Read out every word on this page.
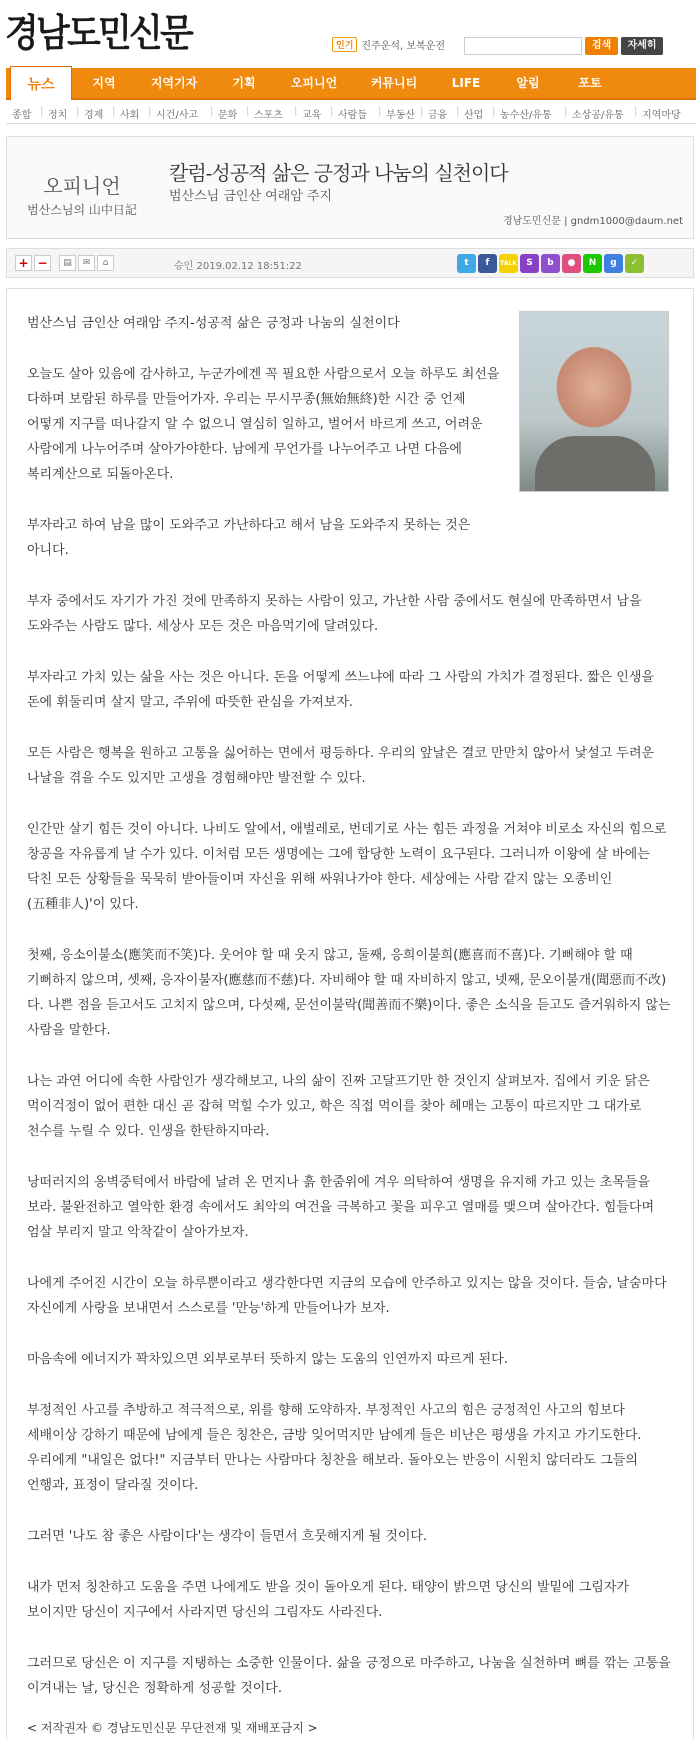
경남도민신문	인기 진주운석, 보복운전	검색	자세히
뉴스	지역	지역기자	기획	오피니언	커뮤니티	LIFE	알림	포토
종합 | 정치 | 경제 | 사회 | 시건/사고 | 문화 | 스포츠 | 교육 | 사람들 | 부동산 | 금융 | 산업 | 농수산/유통 | 소상공/유통 | 지역마당
오피니언
범산스님의 山中日記
칼럼-성공적 삶은 긍정과 나눔의 실천이다
범산스님 금인산 여래암 주지
경남도민신문 | gndm1000@daum.net
+ −	▤	✉	⌂	승인 2019.02.12 18:51:22	t	f	TALK	S	b	●	N	g	✓

범산스님 금인산 여래암 주지-성공적 삶은 긍정과 나눔의 실천이다

오늘도 살아 있음에 감사하고, 누군가에겐 꼭 필요한 사람으로서 오늘 하루도 최선을 다하며 보람된 하루를 만들어가자. 우리는 무시무종(無始無終)한 시간 중 언제 어떻게 지구를 떠나갈지 알 수 없으니 열심히 일하고, 벌어서 바르게 쓰고, 어려운 사람에게 나누어주며 살아가야한다. 남에게 무언가를 나누어주고 나면 다음에 복리계산으로 되돌아온다.

부자라고 하여 남을 많이 도와주고 가난하다고 해서 남을 도와주지 못하는 것은 아니다.

부자 중에서도 자기가 가진 것에 만족하지 못하는 사람이 있고, 가난한 사람 중에서도 현실에 만족하면서 남을 도와주는 사람도 많다. 세상사 모든 것은 마음먹기에 달려있다.

부자라고 가치 있는 삶을 사는 것은 아니다. 돈을 어떻게 쓰느냐에 따라 그 사람의 가치가 결정된다. 짧은 인생을 돈에 휘둘리며 살지 말고, 주위에 따뜻한 관심을 가져보자.

모든 사람은 행복을 원하고 고통을 싫어하는 면에서 평등하다. 우리의 앞날은 결코 만만치 않아서 낯설고 두려운 나날을 겪을 수도 있지만 고생을 경험해야만 발전할 수 있다.

인간만 살기 힘든 것이 아니다. 나비도 알에서, 애벌레로, 번데기로 사는 힘든 과정을 거쳐야 비로소 자신의 힘으로 창공을 자유롭게 날 수가 있다. 이처럼 모든 생명에는 그에 합당한 노력이 요구된다. 그러니까 이왕에 살 바에는 닥친 모든 상황들을 묵묵히 받아들이며 자신을 위해 싸워나가야 한다. 세상에는 사람 같지 않는 오종비인(五種非人)'이 있다.

첫째, 응소이불소(應笑而不笑)다. 웃어야 할 때 웃지 않고, 둘째, 응희이불희(應喜而不喜)다. 기뻐해야 할 때 기뻐하지 않으며, 셋째, 응자이불자(應慈而不慈)다. 자비해야 할 때 자비하지 않고, 넷째, 문오이불개(聞惡而不改)다. 나쁜 점을 듣고서도 고치지 않으며, 다섯째, 문선이불락(聞善而不樂)이다. 좋은 소식을 듣고도 즐거워하지 않는 사람을 말한다.

나는 과연 어디에 속한 사람인가 생각해보고, 나의 삶이 진짜 고달프기만 한 것인지 살펴보자. 집에서 키운 닭은 먹이걱정이 없어 편한 대신 곧 잡혀 먹힐 수가 있고, 학은 직접 먹이를 찾아 헤매는 고통이 따르지만 그 대가로 천수를 누릴 수 있다. 인생을 한탄하지마라.

낭떠러지의 옹벽중턱에서 바람에 날려 온 먼지나 흙 한줌위에 겨우 의탁하여 생명을 유지해 가고 있는 초목들을 보라. 불완전하고 열악한 환경 속에서도 최악의 여건을 극복하고 꽃을 피우고 열매를 맺으며 살아간다. 힘들다며 엄살 부리지 말고 악착같이 살아가보자.

나에게 주어진 시간이 오늘 하루뿐이라고 생각한다면 지금의 모습에 안주하고 있지는 않을 것이다. 들숨, 날숨마다 자신에게 사랑을 보내면서 스스로를 '만능'하게 만들어나가 보자.

마음속에 에너지가 꽉차있으면 외부로부터 뜻하지 않는 도움의 인연까지 따르게 된다.

부정적인 사고를 추방하고 적극적으로, 위를 향해 도약하자. 부정적인 사고의 힘은 긍정적인 사고의 힘보다 세배이상 강하기 때문에 남에게 들은 칭찬은, 금방 잊어먹지만 남에게 들은 비난은 평생을 가지고 가기도한다. 우리에게 "내일은 없다!" 지금부터 만나는 사람마다 칭찬을 해보라. 돌아오는 반응이 시원치 않더라도 그들의 언행과, 표정이 달라질 것이다.

그러면 '나도 참 좋은 사람이다'는 생각이 들면서 흐뭇해지게 될 것이다.

내가 먼저 칭찬하고 도움을 주면 나에게도 받을 것이 돌아오게 된다. 태양이 밝으면 당신의 발밑에 그림자가 보이지만 당신이 지구에서 사라지면 당신의 그림자도 사라진다.

그러므로 당신은 이 지구를 지탱하는 소중한 인물이다. 삶을 긍정으로 마주하고, 나눔을 실천하며 뼈를 깎는 고통을 이겨내는 날, 당신은 정확하게 성공할 것이다.

< 저작권자 © 경남도민신문 무단전재 및 재배포금지 >
